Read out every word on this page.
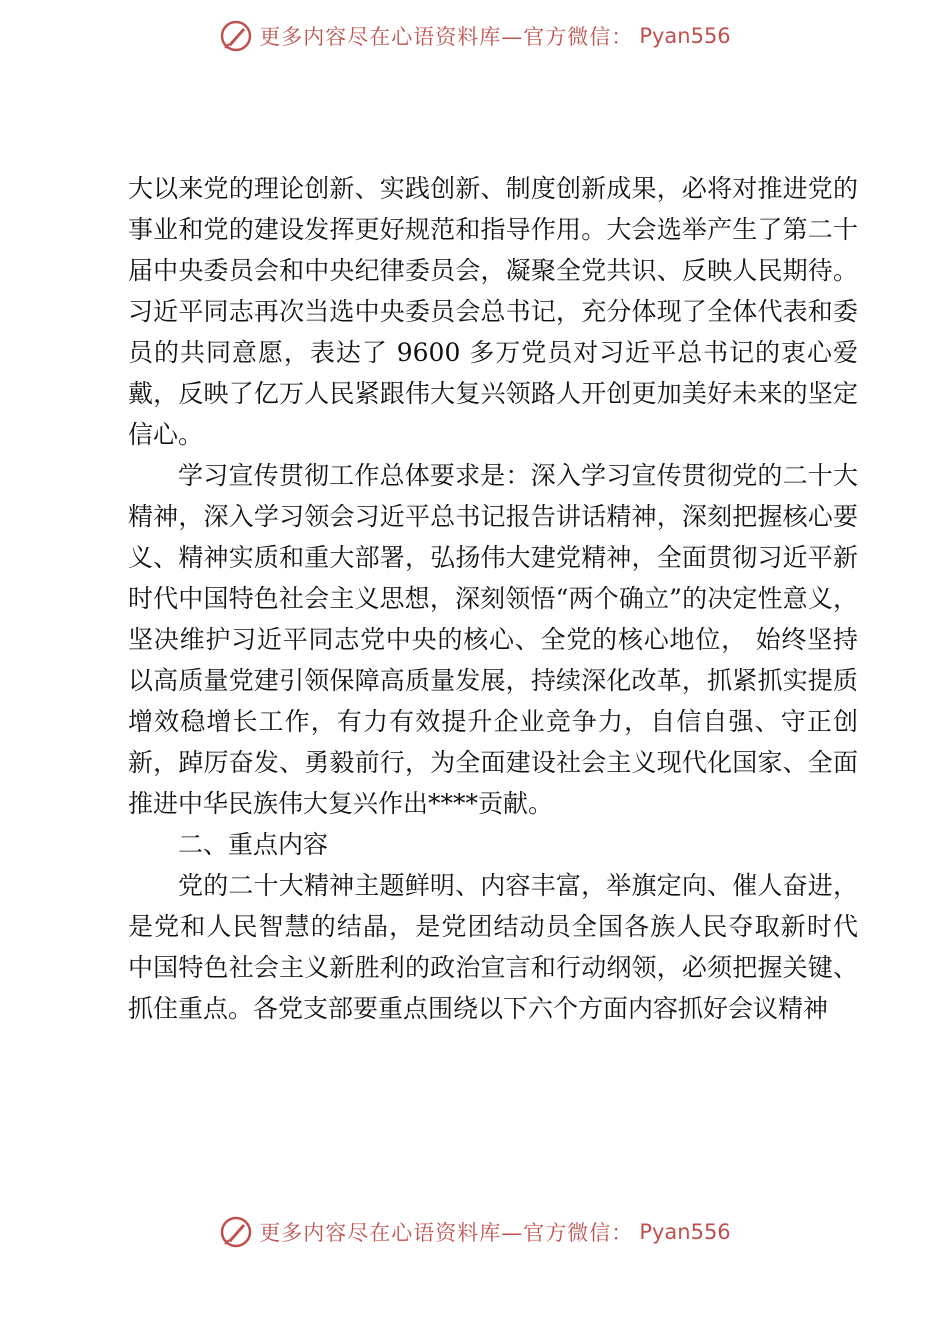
更多内容尽在心语资料库—官方微信： Pyan556

大以来党的理论创新、实践创新、制度创新成果，必将对推进党的事业和党的建设发挥更好规范和指导作用。大会选举产生了第二十届中央委员会和中央纪律委员会，凝聚全党共识、反映人民期待。习近平同志再次当选中央委员会总书记，充分体现了全体代表和委员的共同意愿，表达了 9600 多万党员对习近平总书记的衷心爱戴，反映了亿万人民紧跟伟大复兴领路人开创更加美好未来的坚定信心。

学习宣传贯彻工作总体要求是：深入学习宣传贯彻党的二十大精神，深入学习领会习近平总书记报告讲话精神，深刻把握核心要义、精神实质和重大部署，弘扬伟大建党精神，全面贯彻习近平新时代中国特色社会主义思想，深刻领悟“两个确立”的决定性意义，坚决维护习近平同志党中央的核心、全党的核心地位， 始终坚持以高质量党建引领保障高质量发展，持续深化改革，抓紧抓实提质增效稳增长工作，有力有效提升企业竞争力，自信自强、守正创新，踔厉奋发、勇毅前行，为全面建设社会主义现代化国家、全面推进中华民族伟大复兴作出****贡献。

二、重点内容

党的二十大精神主题鲜明、内容丰富，举旗定向、催人奋进， 是党和人民智慧的结晶，是党团结动员全国各族人民夺取新时代 中国特色社会主义新胜利的政治宣言和行动纲领，必须把握关键、抓住重点。各党支部要重点围绕以下六个方面内容抓好会议精神

更多内容尽在心语资料库—官方微信： Pyan556
